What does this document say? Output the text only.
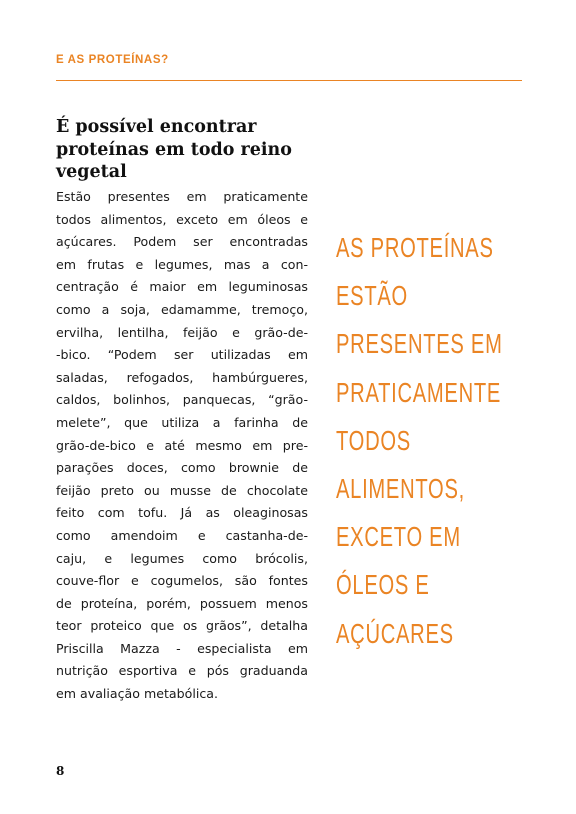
E AS PROTEÍNAS?
É possível encontrar proteínas em todo reino vegetal

Estão presentes em praticamente
todos alimentos, exceto em óleos e
açúcares. Podem ser encontradas
em frutas e legumes, mas a con-
centração é maior em leguminosas
como a soja, edamamme, tremoço,
ervilha, lentilha, feijão e grão-de-
-bico. “Podem ser utilizadas em
saladas, refogados, hambúrgueres,
caldos, bolinhos, panquecas, “grão-
melete”, que utiliza a farinha de
grão-de-bico e até mesmo em pre-
parações doces, como brownie de
feijão preto ou musse de chocolate
feito com tofu. Já as oleaginosas
como amendoim e castanha-de-
caju, e legumes como brócolis,
couve-flor e cogumelos, são fontes
de proteína, porém, possuem menos
teor proteico que os grãos”, detalha
Priscilla Mazza - especialista em
nutrição esportiva e pós graduanda
em avaliação metabólica.

AS PROTEÍNAS
ESTÃO
PRESENTES EM
PRATICAMENTE
TODOS
ALIMENTOS,
EXCETO EM
ÓLEOS E
AÇÚCARES

8
